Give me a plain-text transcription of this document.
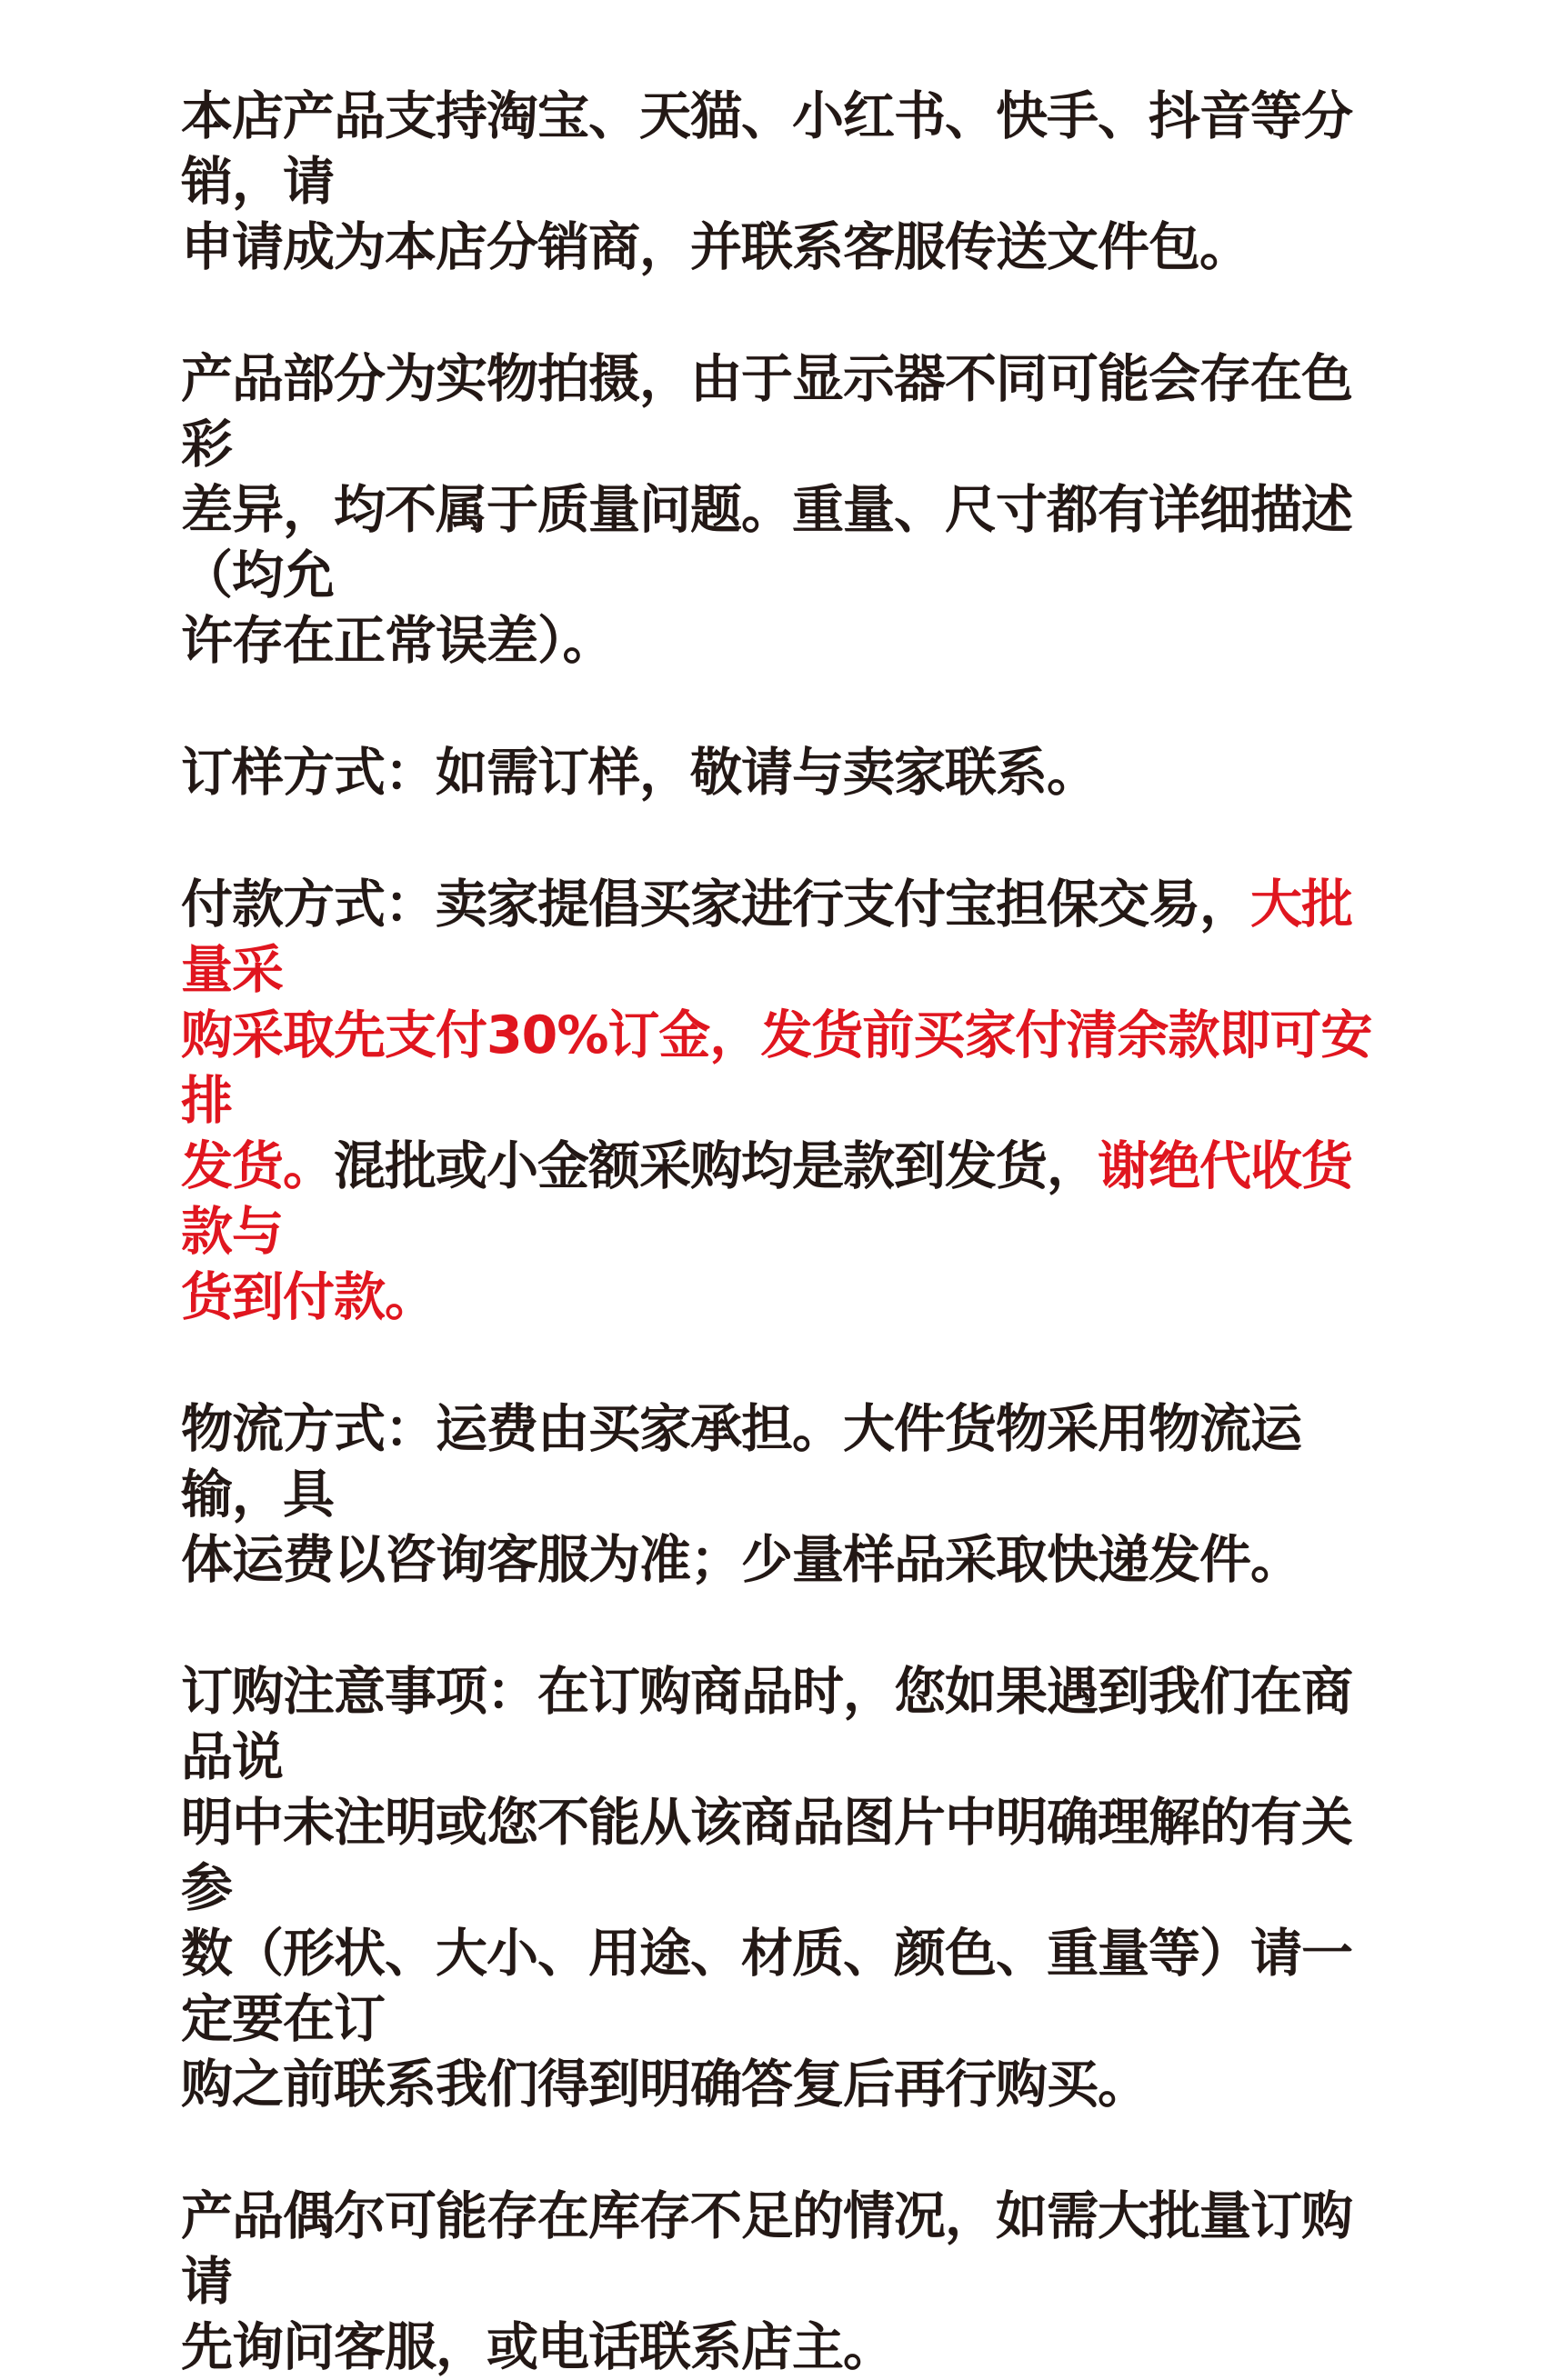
本店产品支持淘宝、天猫、小红书、快手、抖音等分销，请
申请成为本店分销商，并联系客服传送文件包。
产品部分为实物拍摄，由于显示器不同可能会存在色彩
差异，均不属于质量问题。重量、尺寸都有详细描述（均允
许存在正常误差）。
订样方式：如需订样，敬请与卖家联系。
付款方式：卖家提倡买家进行支付宝担保交易，大批量采
购采取先支付30%订金，发货前买家付清余款即可安排
发货。混批或小金额采购均是款到发货，谢绝代收货款与
货到付款。
物流方式：运费由买家承担。大件货物采用物流运输，具
体运费以咨询客服为准；少量样品采取快递发件。
订购注意事项：在订购商品时，您如果遇到我们在商品说
明中未注明或您不能从该商品图片中明确理解的有关参
数（形状、大小、用途、材质、颜色、重量等）请一定要在订
购之前联系我们得到明确答复后再行购买。
产品偶尔可能存在库存不足的情况，如需大批量订购请
先询问客服，或电话联系店主。
